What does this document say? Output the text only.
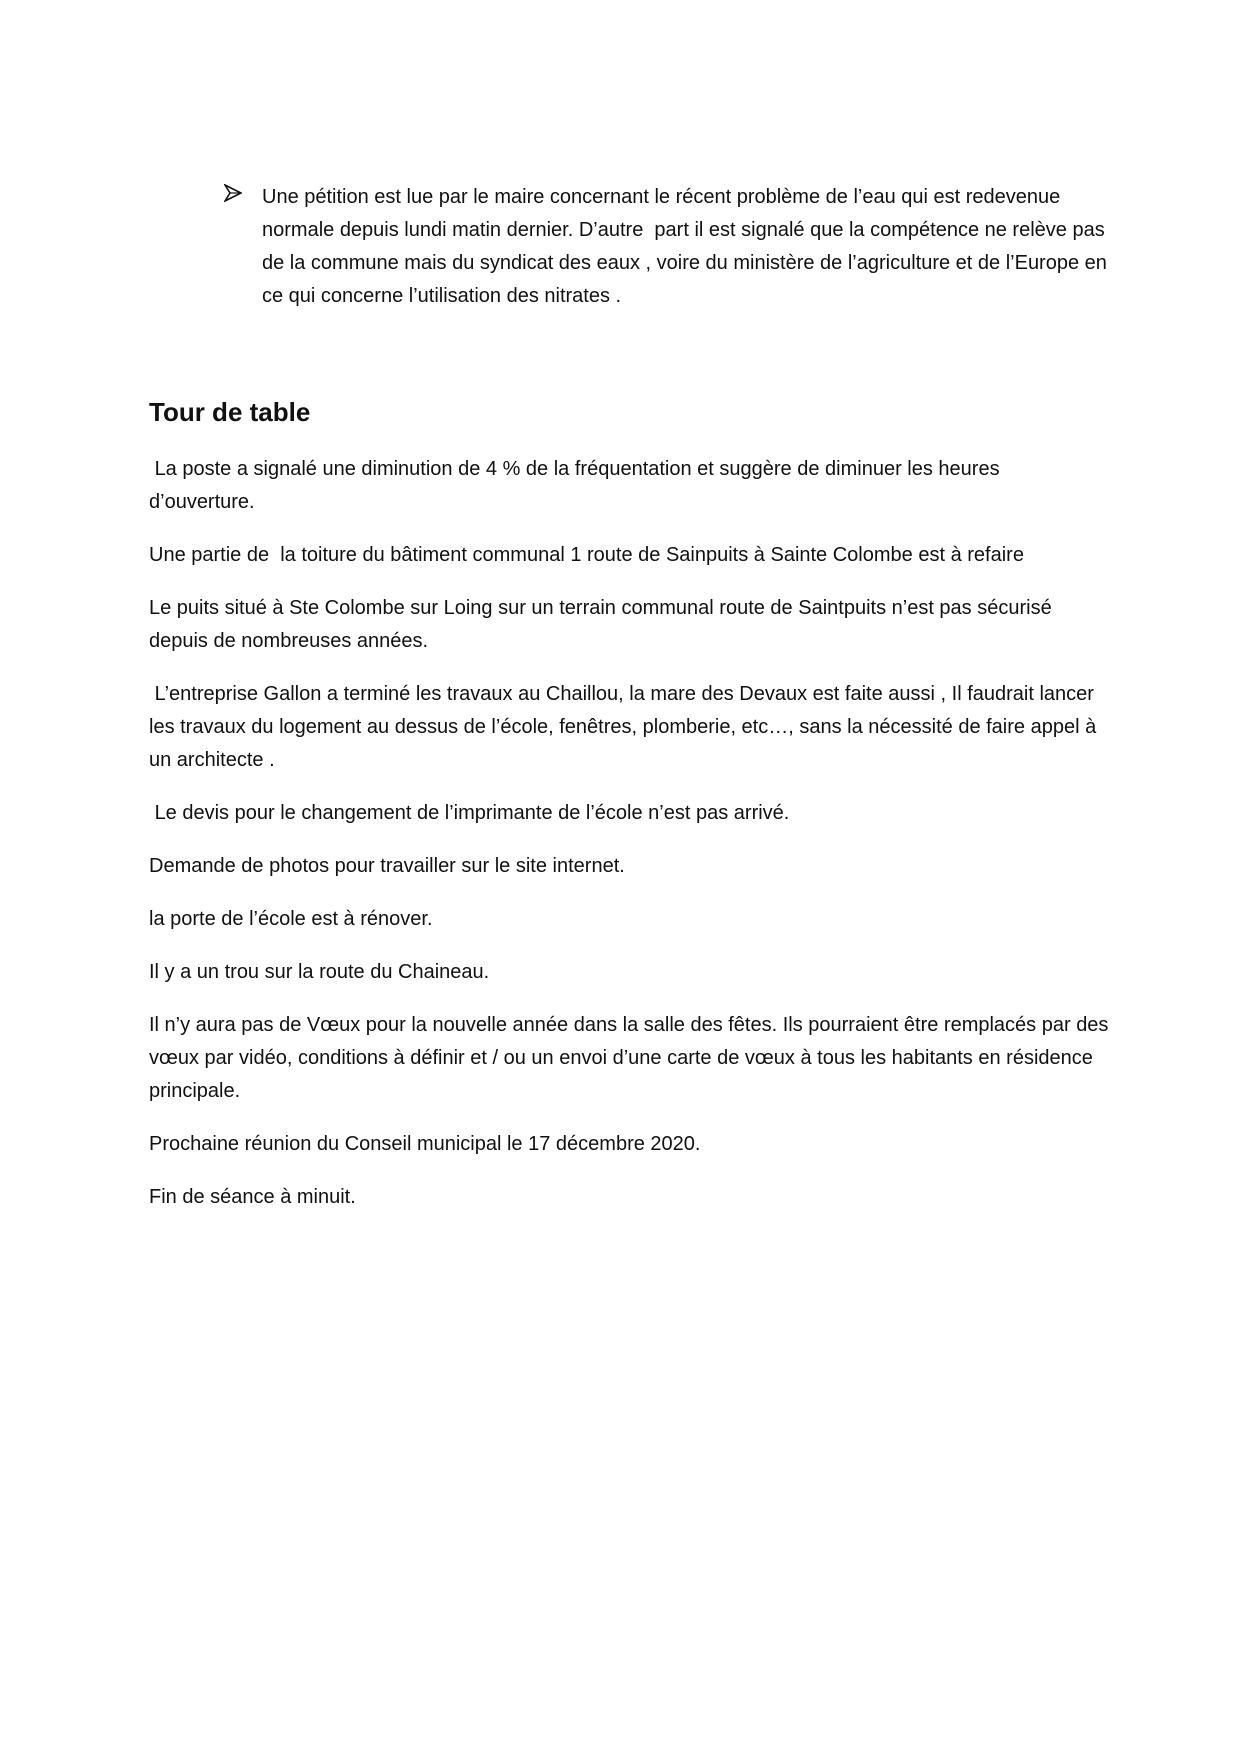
Une pétition est lue par le maire concernant le récent problème de l’eau qui est redevenue normale depuis lundi matin dernier. D’autre  part il est signalé que la compétence ne relève pas de la commune mais du syndicat des eaux , voire du ministère de l’agriculture et de l’Europe en ce qui concerne l’utilisation des nitrates .

Tour de table

La poste a signalé une diminution de 4 % de la fréquentation et suggère de diminuer les heures d’ouverture.

Une partie de  la toiture du bâtiment communal 1 route de Sainpuits à Sainte Colombe est à refaire

Le puits situé à Ste Colombe sur Loing sur un terrain communal route de Saintpuits n’est pas sécurisé depuis de nombreuses années.

L’entreprise Gallon a terminé les travaux au Chaillou, la mare des Devaux est faite aussi , Il faudrait lancer les travaux du logement au dessus de l’école, fenêtres, plomberie, etc…, sans la nécessité de faire appel à un architecte .

Le devis pour le changement de l’imprimante de l’école n’est pas arrivé.

Demande de photos pour travailler sur le site internet.

la porte de l’école est à rénover.

Il y a un trou sur la route du Chaineau.

Il n’y aura pas de Vœux pour la nouvelle année dans la salle des fêtes. Ils pourraient être remplacés par des vœux par vidéo, conditions à définir et / ou un envoi d’une carte de vœux à tous les habitants en résidence principale.

Prochaine réunion du Conseil municipal le 17 décembre 2020.

Fin de séance à minuit.
